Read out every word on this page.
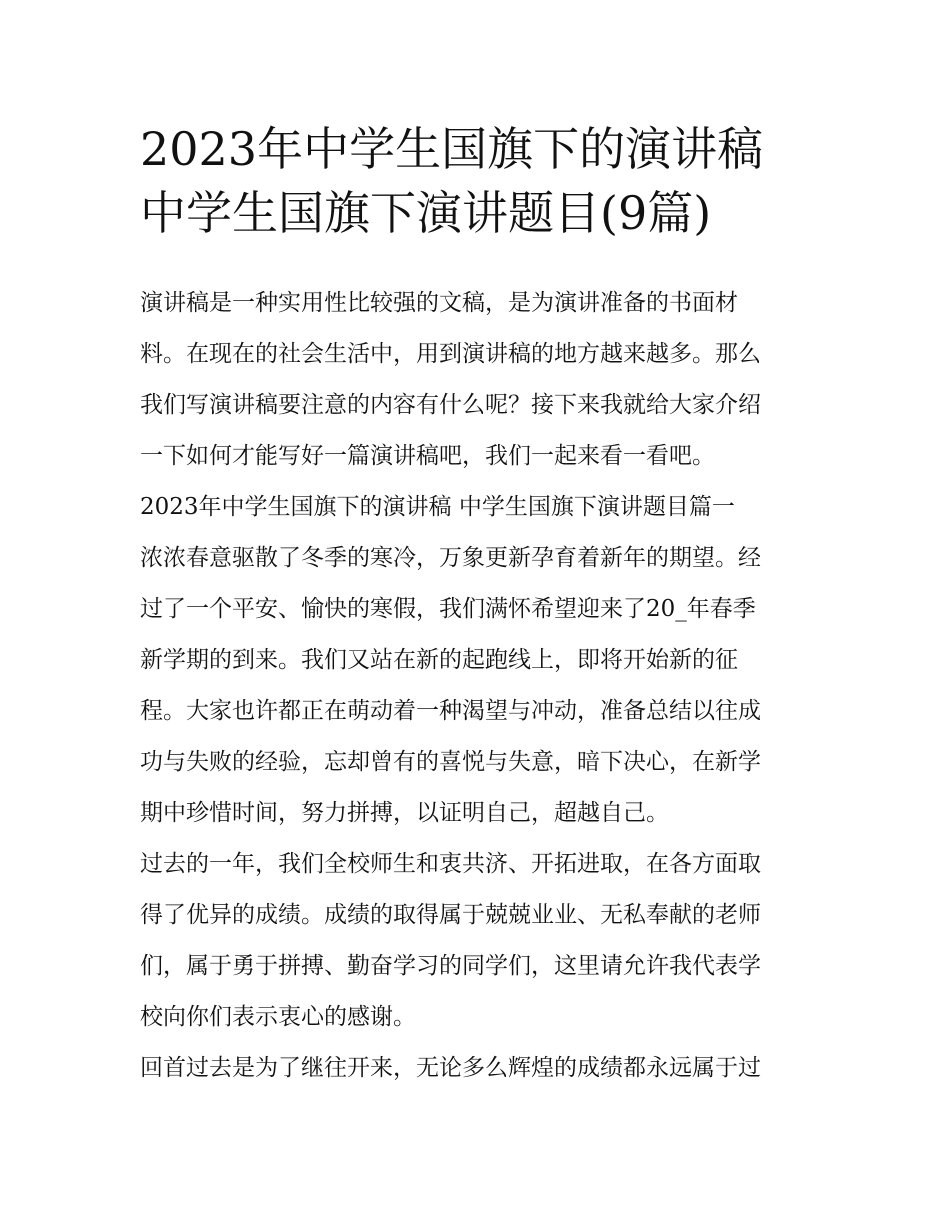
2023年中学生国旗下的演讲稿
中学生国旗下演讲题目(9篇)

演讲稿是一种实用性比较强的文稿，是为演讲准备的书面材
料。在现在的社会生活中，用到演讲稿的地方越来越多。那么
我们写演讲稿要注意的内容有什么呢？接下来我就给大家介绍
一下如何才能写好一篇演讲稿吧，我们一起来看一看吧。

2023年中学生国旗下的演讲稿 中学生国旗下演讲题目篇一

浓浓春意驱散了冬季的寒冷，万象更新孕育着新年的期望。经
过了一个平安、愉快的寒假，我们满怀希望迎来了20_年春季
新学期的到来。我们又站在新的起跑线上，即将开始新的征
程。大家也许都正在萌动着一种渴望与冲动，准备总结以往成
功与失败的经验，忘却曾有的喜悦与失意，暗下决心，在新学
期中珍惜时间，努力拼搏，以证明自己，超越自己。

过去的一年，我们全校师生和衷共济、开拓进取，在各方面取
得了优异的成绩。成绩的取得属于兢兢业业、无私奉献的老师
们，属于勇于拼搏、勤奋学习的同学们，这里请允许我代表学
校向你们表示衷心的感谢。

回首过去是为了继往开来，无论多么辉煌的成绩都永远属于过
